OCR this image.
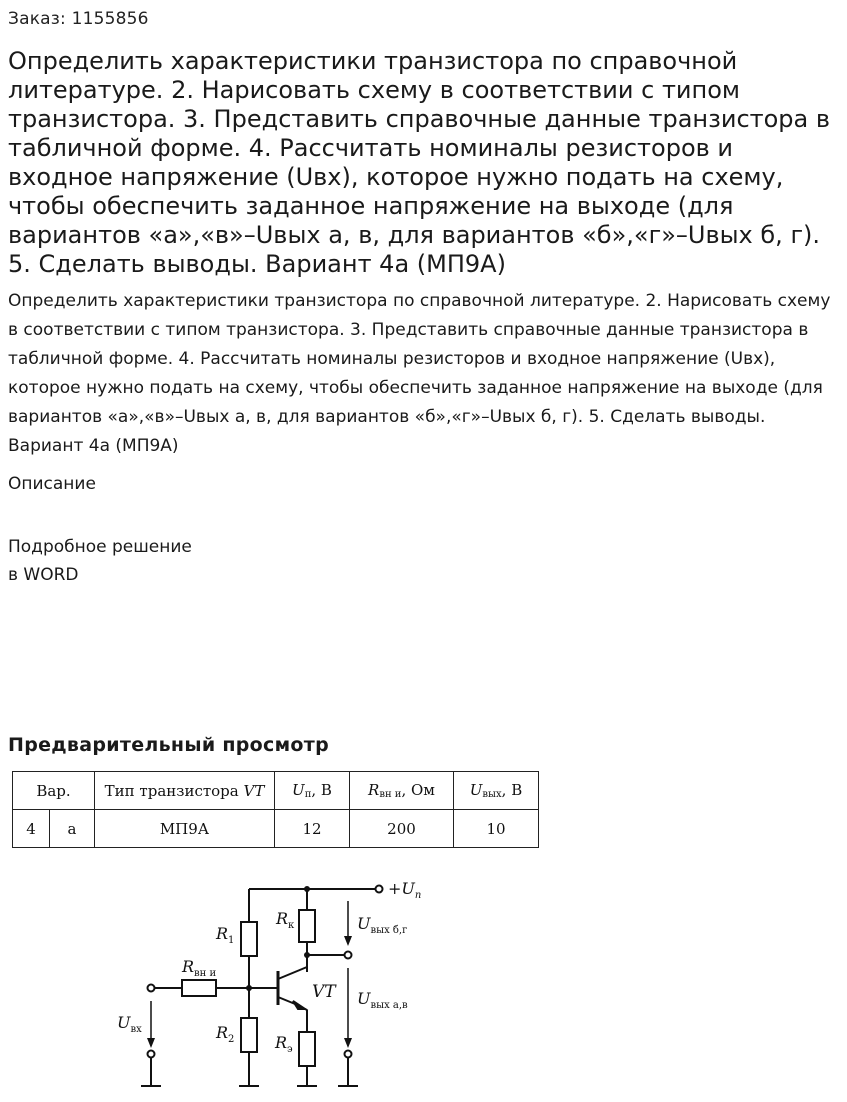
Заказ: 1155856
Определить характеристики транзистора по справочной литературе. 2. Нарисовать схему в соответствии с типом транзистора. 3. Представить справочные данные транзистора в табличной форме. 4. Рассчитать номиналы резисторов и входное напряжение (Uвх), которое нужно подать на схему, чтобы обеспечить заданное напряжение на выходе (для вариантов «а»,«в»–Uвых а, в, для вариантов «б»,«г»–Uвых б, г). 5. Сделать выводы. Вариант 4а (МП9А)
Определить характеристики транзистора по справочной литературе. 2. Нарисовать схему в соответствии с типом транзистора. 3. Представить справочные данные транзистора в табличной форме. 4. Рассчитать номиналы резисторов и входное напряжение (Uвх), которое нужно подать на схему, чтобы обеспечить заданное напряжение на выходе (для вариантов «а»,«в»–Uвых а, в, для вариантов «б»,«г»–Uвых б, г). 5. Сделать выводы. Вариант 4а (МП9А)
Описание
Подробное решение
в WORD
Предварительный просмотр
Вар.		Тип транзистора VT	$U_п$, В	$R_{вн и}$, Ом	$U_{вых}$, В
4	а	МП9А	12	200	10
$+U_п$
$R_1$
$R_2$
$R_к$
$R_э$
$R_{вн и}$
VT
$U_{вх}$
$U_{вых б,г}$
$U_{вых а,в}$
